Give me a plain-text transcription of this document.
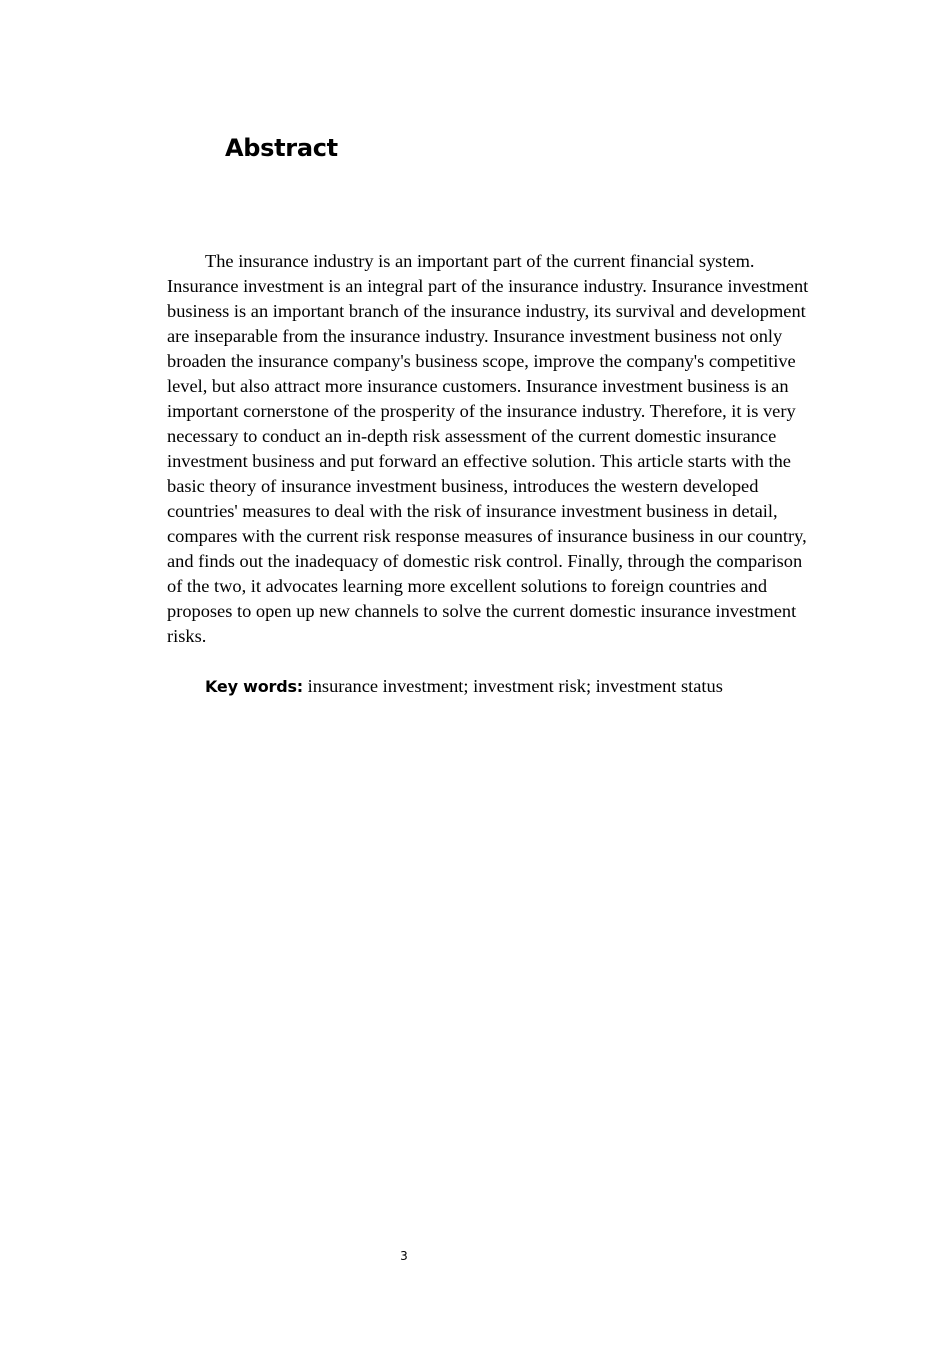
Abstract

The insurance industry is an important part of the current financial system. Insurance investment is an integral part of the insurance industry. Insurance investment business is an important branch of the insurance industry, its survival and development are inseparable from the insurance industry. Insurance investment business not only broaden the insurance company's business scope, improve the company's competitive level, but also attract more insurance customers. Insurance investment business is an important cornerstone of the prosperity of the insurance industry. Therefore, it is very necessary to conduct an in-depth risk assessment of the current domestic insurance investment business and put forward an effective solution. This article starts with the basic theory of insurance investment business, introduces the western developed countries' measures to deal with the risk of insurance investment business in detail, compares with the current risk response measures of insurance business in our country, and finds out the inadequacy of domestic risk control. Finally, through the comparison of the two, it advocates learning more excellent solutions to foreign countries and proposes to open up new channels to solve the current domestic insurance investment risks.

Key words: insurance investment; investment risk; investment status

3
